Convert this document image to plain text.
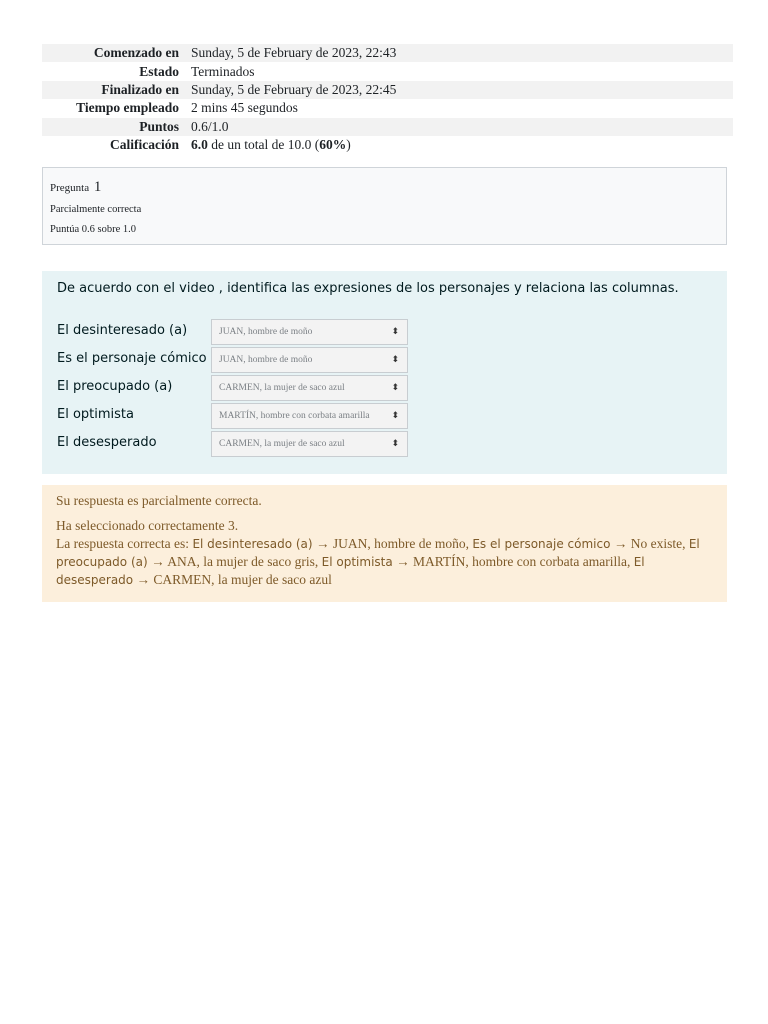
Comenzado en	Sunday, 5 de February de 2023, 22:43
Estado	Terminados
Finalizado en	Sunday, 5 de February de 2023, 22:45
Tiempo empleado	2 mins 45 segundos
Puntos	0.6/1.0
Calificación	6.0 de un total de 10.0 (60%)
Pregunta 1
Parcialmente correcta
Puntúa 0.6 sobre 1.0
De acuerdo con el video , identifica las expresiones de los personajes y relaciona las columnas.
El desinteresado (a)	JUAN, hombre de moño	⬍
Es el personaje cómico	JUAN, hombre de moño	⬍
El preocupado (a)	CARMEN, la mujer de saco azul	⬍
El optimista	MARTÍN, hombre con corbata amarilla ⬍
El desesperado	CARMEN, la mujer de saco azul	⬍
Su respuesta es parcialmente correcta.
Ha seleccionado correctamente 3.
La respuesta correcta es: El desinteresado (a) → JUAN, hombre de moño, Es el personaje cómico → No existe, El preocupado (a) → ANA, la mujer de saco gris, El optimista → MARTÍN, hombre con corbata amarilla, El desesperado → CARMEN, la mujer de saco azul
